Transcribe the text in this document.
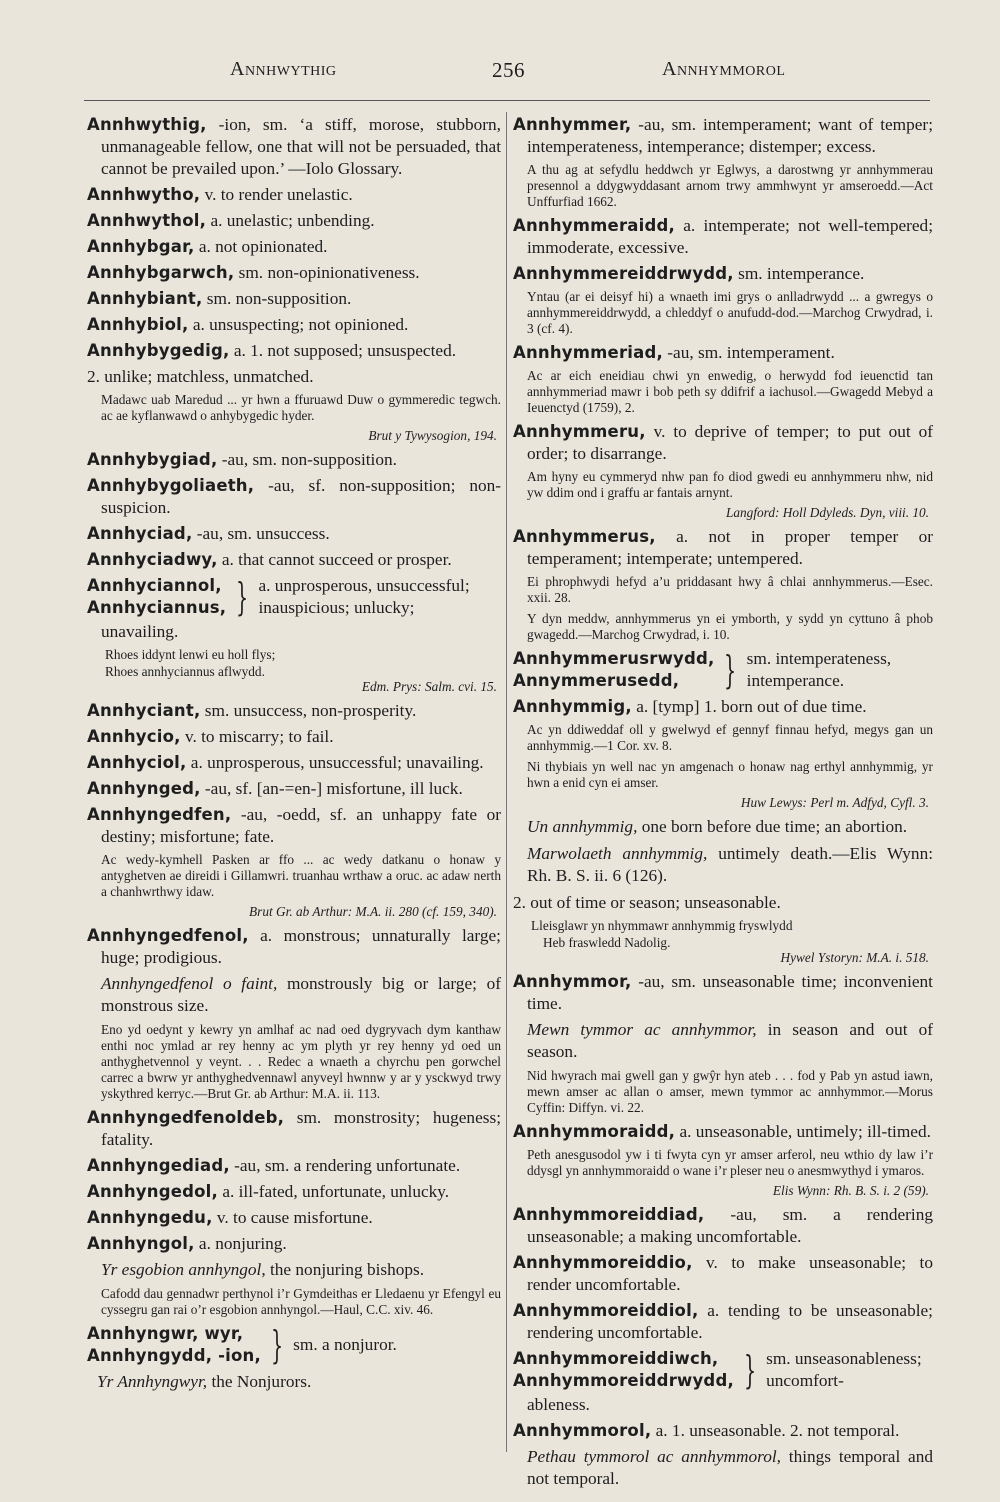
Annhwythig	256	Annhymmorol
Annhwythig, -ion, sm. ‘a stiff, morose, stubborn, unmanageable fellow, one that will not be persuaded, that cannot be prevailed upon.’ —Iolo Glossary.
Annhwytho, v. to render unelastic.
Annhwythol, a. unelastic; unbending.
Annhybgar, a. not opinionated.
Annhybgarwch, sm. non-opinionativeness.
Annhybiant, sm. non-supposition.
Annhybiol, a. unsuspecting; not opinioned.
Annhybygedig, a. 1. not supposed; unsuspected.
2. unlike; matchless, unmatched.
Madawc uab Maredud ... yr hwn a ffuruawd Duw o gymmeredic tegwch. ac ae kyflanwawd o anhybygedic hyder.
Brut y Tywysogion, 194.
Annhybygiad, -au, sm. non-supposition.
Annhybygoliaeth, -au, sf. non-supposition; non-suspicion.
Annhyciad, -au, sm. unsuccess.
Annhyciadwy, a. that cannot succeed or prosper.
Annhyciannol,
Annhyciannus, } a. unprosperous, unsuccessful; inauspicious; unlucky;
unavailing.
Rhoes iddynt lenwi eu holl flys;
Rhoes annhyciannus aflwydd.
Edm. Prys: Salm. cvi. 15.
Annhyciant, sm. unsuccess, non-prosperity.
Annhycio, v. to miscarry; to fail.
Annhyciol, a. unprosperous, unsuccessful; unavailing.
Annhynged, -au, sf. [an-=en-] misfortune, ill luck.
Annhyngedfen, -au, -oedd, sf. an unhappy fate or destiny; misfortune; fate.
Ac wedy-kymhell Pasken ar ffo ... ac wedy datkanu o honaw y antyghetven ae direidi i Gillamwri. truanhau wrthaw a oruc. ac adaw nerth a chanhwrthwy idaw.
Brut Gr. ab Arthur: M.A. ii. 280 (cf. 159, 340).
Annhyngedfenol, a. monstrous; unnaturally large; huge; prodigious.
Annhyngedfenol o faint, monstrously big or large; of monstrous size.
Eno yd oedynt y kewry yn amlhaf ac nad oed dygryvach dym kanthaw enthi noc ymlad ar rey henny ac ym plyth yr rey henny yd oed un anthyghetvennol y veynt. . . Redec a wnaeth a chyrchu pen gorwchel carrec a bwrw yr anthyghedvennawl anyveyl hwnnw y ar y ysckwyd trwy yskythred kerryc.—Brut Gr. ab Arthur: M.A. ii. 113.
Annhyngedfenoldeb, sm. monstrosity; hugeness; fatality.
Annhyngediad, -au, sm. a rendering unfortunate.
Annhyngedol, a. ill-fated, unfortunate, unlucky.
Annhyngedu, v. to cause misfortune.
Annhyngol, a. nonjuring.
Yr esgobion annhyngol, the nonjuring bishops.
Cafodd dau gennadwr perthynol i’r Gymdeithas er Lledaenu yr Efengyl eu cyssegru gan rai o’r esgobion annhyngol.—Haul, C.C. xiv. 46.
Annhyngwr, wyr,
Annhyngydd, -ion, } sm. a nonjuror.
Yr Annhyngwyr, the Nonjurors.
Annhymmer, -au, sm. intemperament; want of temper; intemperateness, intemperance; distemper; excess.
A thu ag at sefydlu heddwch yr Eglwys, a darostwng yr annhymmerau presennol a ddygwyddasant arnom trwy ammhwynt yr amseroedd.—Act Unffurfiad 1662.
Annhymmeraidd, a. intemperate; not well-tempered; immoderate, excessive.
Annhymmereiddrwydd, sm. intemperance.
Yntau (ar ei deisyf hi) a wnaeth imi grys o anlladrwydd ... a gwregys o annhymmereiddrwydd, a chleddyf o anufudd-dod.—Marchog Crwydrad, i. 3 (cf. 4).
Annhymmeriad, -au, sm. intemperament.
Ac ar eich eneidiau chwi yn enwedig, o herwydd fod ieuenctid tan annhymmeriad mawr i bob peth sy ddifrif a iachusol.—Gwagedd Mebyd a Ieuenctyd (1759), 2.
Annhymmeru, v. to deprive of temper; to put out of order; to disarrange.
Am hyny eu cymmeryd nhw pan fo diod gwedi eu annhymmeru nhw, nid yw ddim ond i graffu ar fantais arnynt.
Langford: Holl Ddyleds. Dyn, viii. 10.
Annhymmerus, a. not in proper temper or temperament; intemperate; untempered.
Ei phrophwydi hefyd a’u priddasant hwy â chlai annhymmerus.—Esec. xxii. 28.
Y dyn meddw, annhymmerus yn ei ymborth, y sydd yn cyttuno â phob gwagedd.—Marchog Crwydrad, i. 10.
Annhymmerusrwydd,
Annymmerusedd,	} sm. intemperateness, intemperance.
Annhymmig, a. [tymp] 1. born out of due time.
Ac yn ddiweddaf oll y gwelwyd ef gennyf finnau hefyd, megys gan un annhymmig.—1 Cor. xv. 8.
Ni thybiais yn well nac yn amgenach o honaw nag erthyl annhymmig, yr hwn a enid cyn ei amser.
Huw Lewys: Perl m. Adfyd, Cyfl. 3.
Un annhymmig, one born before due time; an abortion.
Marwolaeth annhymmig, untimely death.—Elis Wynn: Rh. B. S. ii. 6 (126).
2. out of time or season; unseasonable.
Lleisglawr yn nhymmawr annhymmig fryswlydd
Heb fraswledd Nadolig.
Hywel Ystoryn: M.A. i. 518.
Annhymmor, -au, sm. unseasonable time; inconvenient time.
Mewn tymmor ac annhymmor, in season and out of season.
Nid hwyrach mai gwell gan y gwŷr hyn ateb . . . fod y Pab yn astud iawn, mewn amser ac allan o amser, mewn tymmor ac annhymmor.—Morus Cyffin: Diffyn. vi. 22.
Annhymmoraidd, a. unseasonable, untimely; ill-timed.
Peth anesgusodol yw i ti fwyta cyn yr amser arferol, neu wthio dy law i’r ddysgl yn annhymmoraidd o wane i’r pleser neu o anesmwythyd i ymaros.
Elis Wynn: Rh. B. S. i. 2 (59).
Annhymmoreiddiad, -au, sm. a rendering unseasonable; a making uncomfortable.
Annhymmoreiddio, v. to make unseasonable; to render uncomfortable.
Annhymmoreiddiol, a. tending to be unseasonable; rendering uncomfortable.
Annhymmoreiddiwch,
Annhymmoreiddrwydd, } sm. unseasonableness; uncomfort-
ableness.
Annhymmorol, a. 1. unseasonable. 2. not temporal.
Pethau tymmorol ac annhymmorol, things temporal and not temporal.
